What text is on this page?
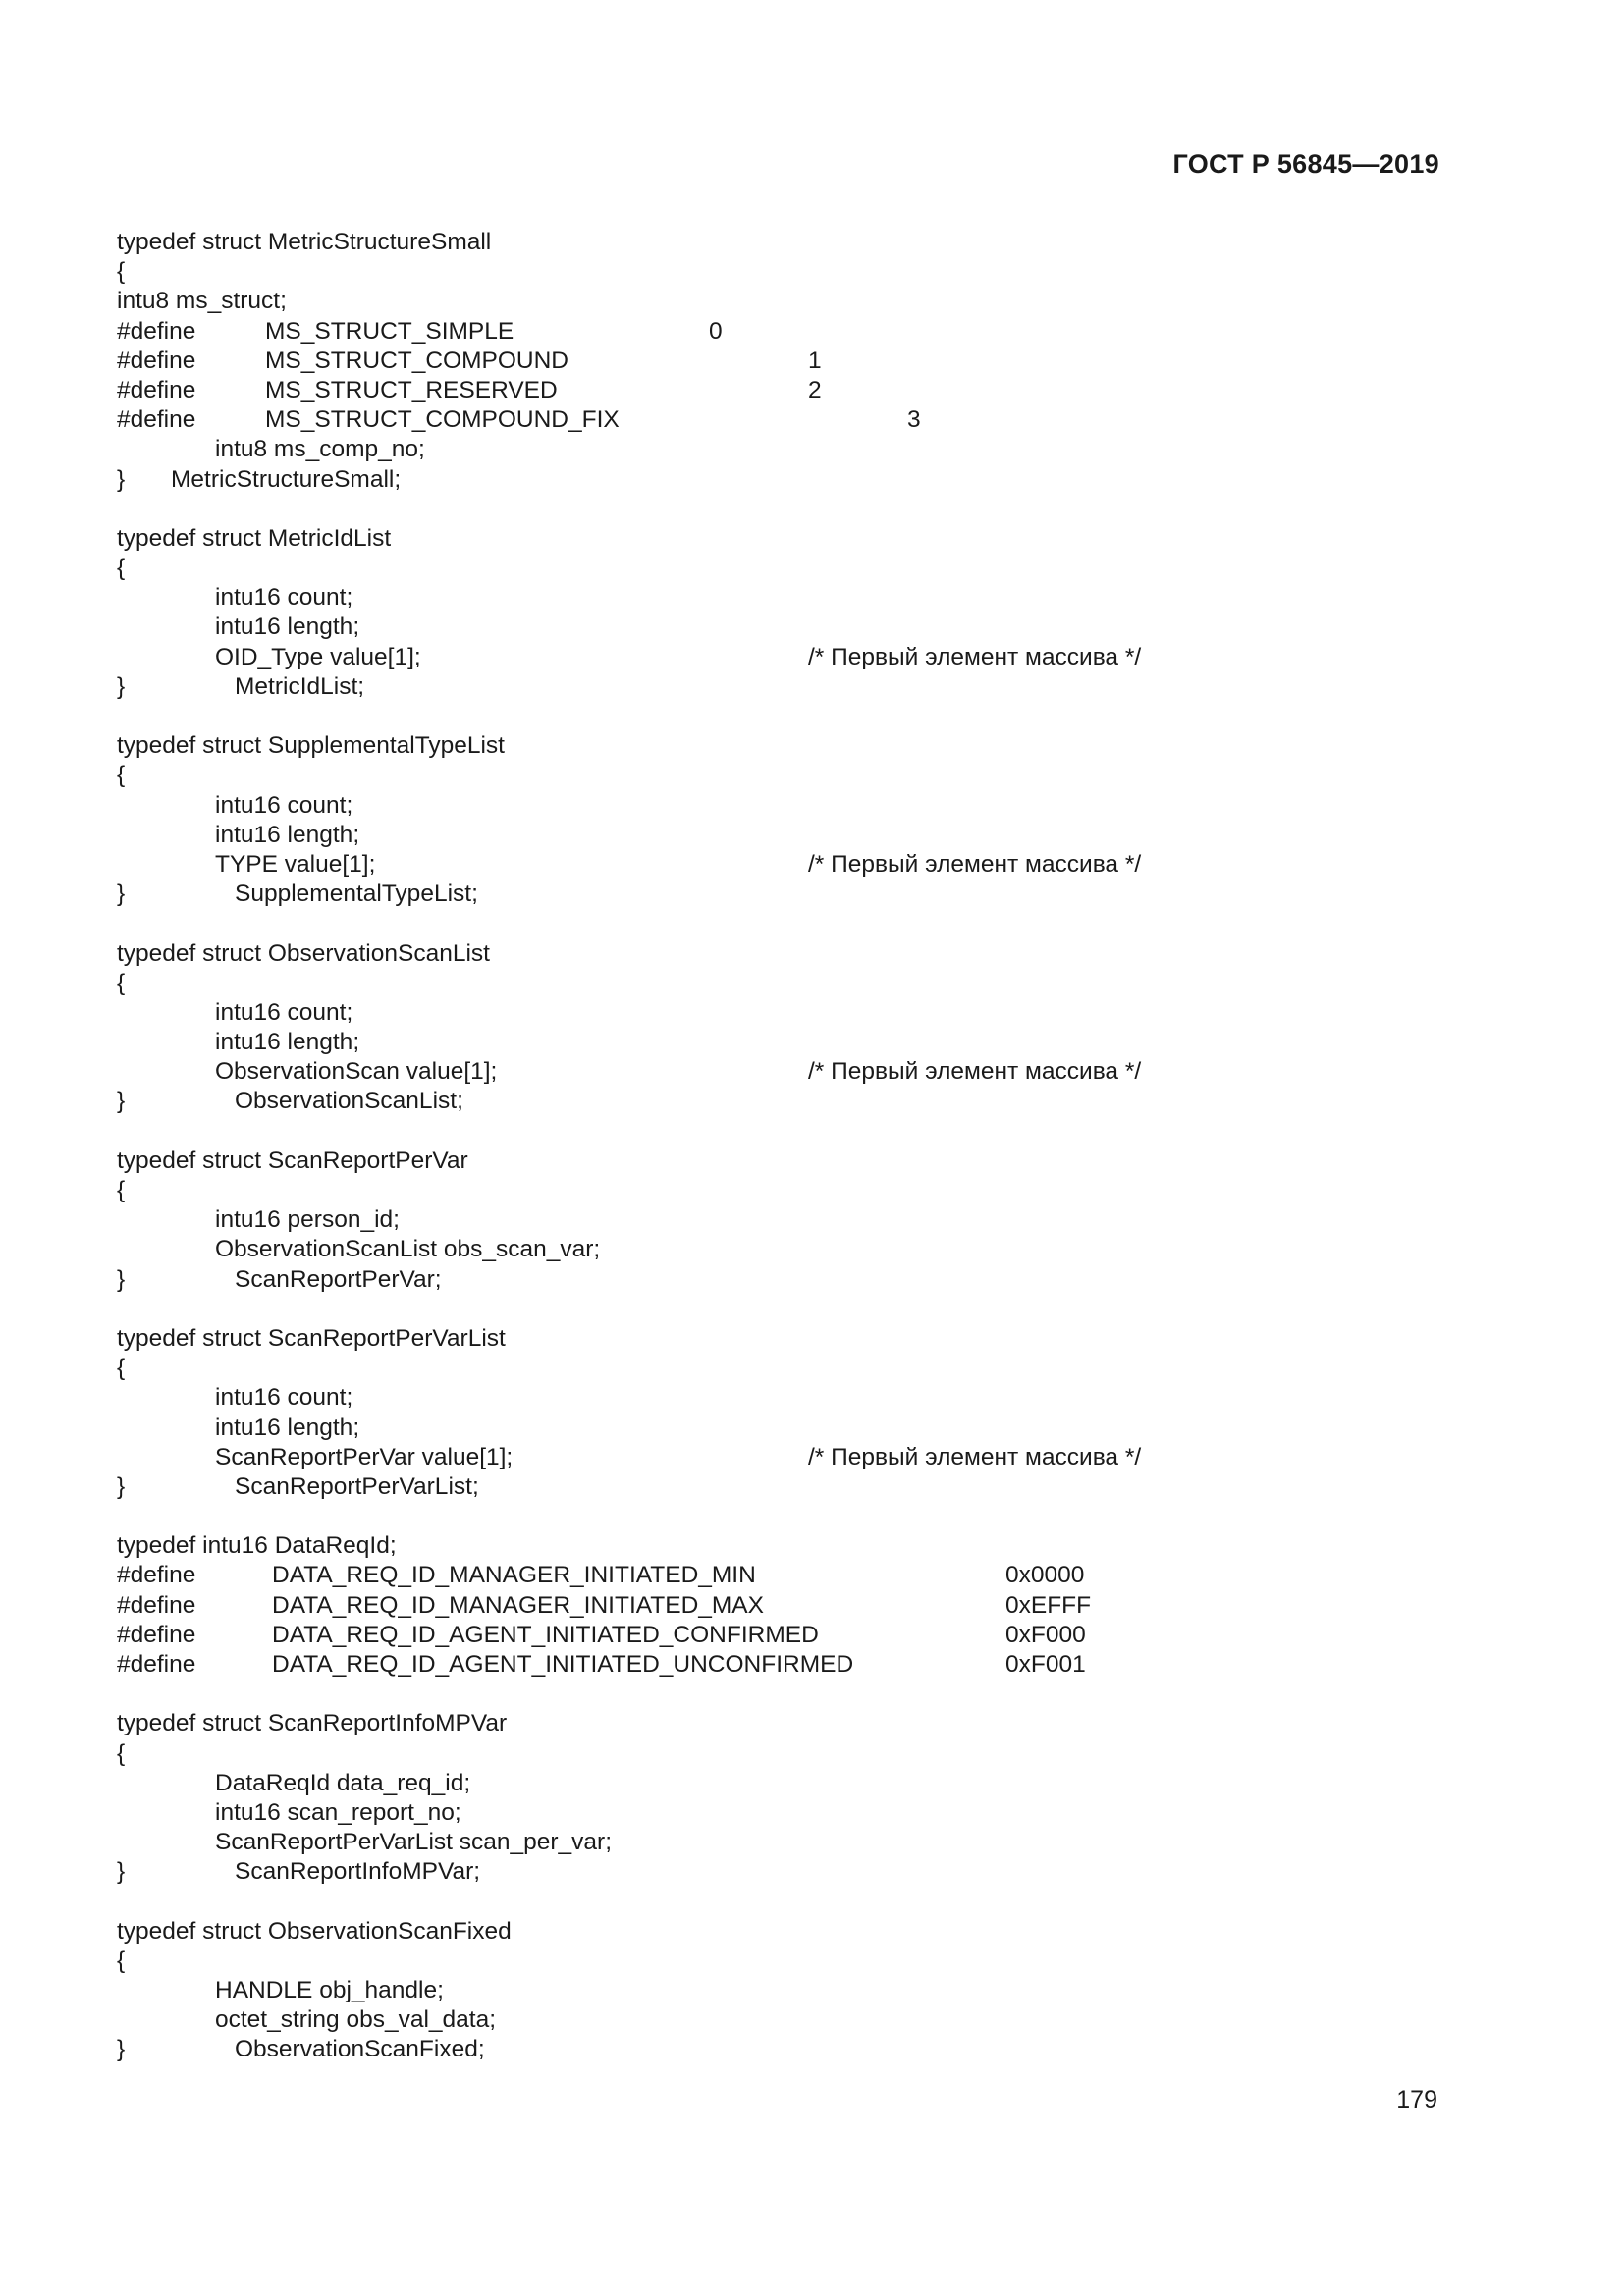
ГОСТ Р 56845—2019
typedef struct MetricStructureSmall
{
intu8 ms_struct;
#define	MS_STRUCT_SIMPLE	0
#define	MS_STRUCT_COMPOUND	1
#define	MS_STRUCT_RESERVED	2
#define	MS_STRUCT_COMPOUND_FIX	3
intu8 ms_comp_no;
} MetricStructureSmall;
typedef struct MetricIdList
{
intu16 count;
intu16 length;
OID_Type value[1];	/* Первый элемент массива */
}	MetricIdList;
typedef struct SupplementalTypeList
{
intu16 count;
intu16 length;
TYPE value[1];	/* Первый элемент массива */
}	SupplementalTypeList;
typedef struct ObservationScanList
{
intu16 count;
intu16 length;
ObservationScan value[1];	/* Первый элемент массива */
}	ObservationScanList;
typedef struct ScanReportPerVar
{
intu16 person_id;
ObservationScanList obs_scan_var;
}	ScanReportPerVar;
typedef struct ScanReportPerVarList
{
intu16 count;
intu16 length;
ScanReportPerVar value[1];	/* Первый элемент массива */
}	ScanReportPerVarList;
typedef intu16 DataReqId;
#define	DATA_REQ_ID_MANAGER_INITIATED_MIN	0x0000
#define	DATA_REQ_ID_MANAGER_INITIATED_MAX	0xEFFF
#define	DATA_REQ_ID_AGENT_INITIATED_CONFIRMED	0xF000
#define	DATA_REQ_ID_AGENT_INITIATED_UNCONFIRMED	0xF001
typedef struct ScanReportInfoMPVar
{
DataReqId data_req_id;
intu16 scan_report_no;
ScanReportPerVarList scan_per_var;
}	ScanReportInfoMPVar;
typedef struct ObservationScanFixed
{
HANDLE obj_handle;
octet_string obs_val_data;
}	ObservationScanFixed;
179
